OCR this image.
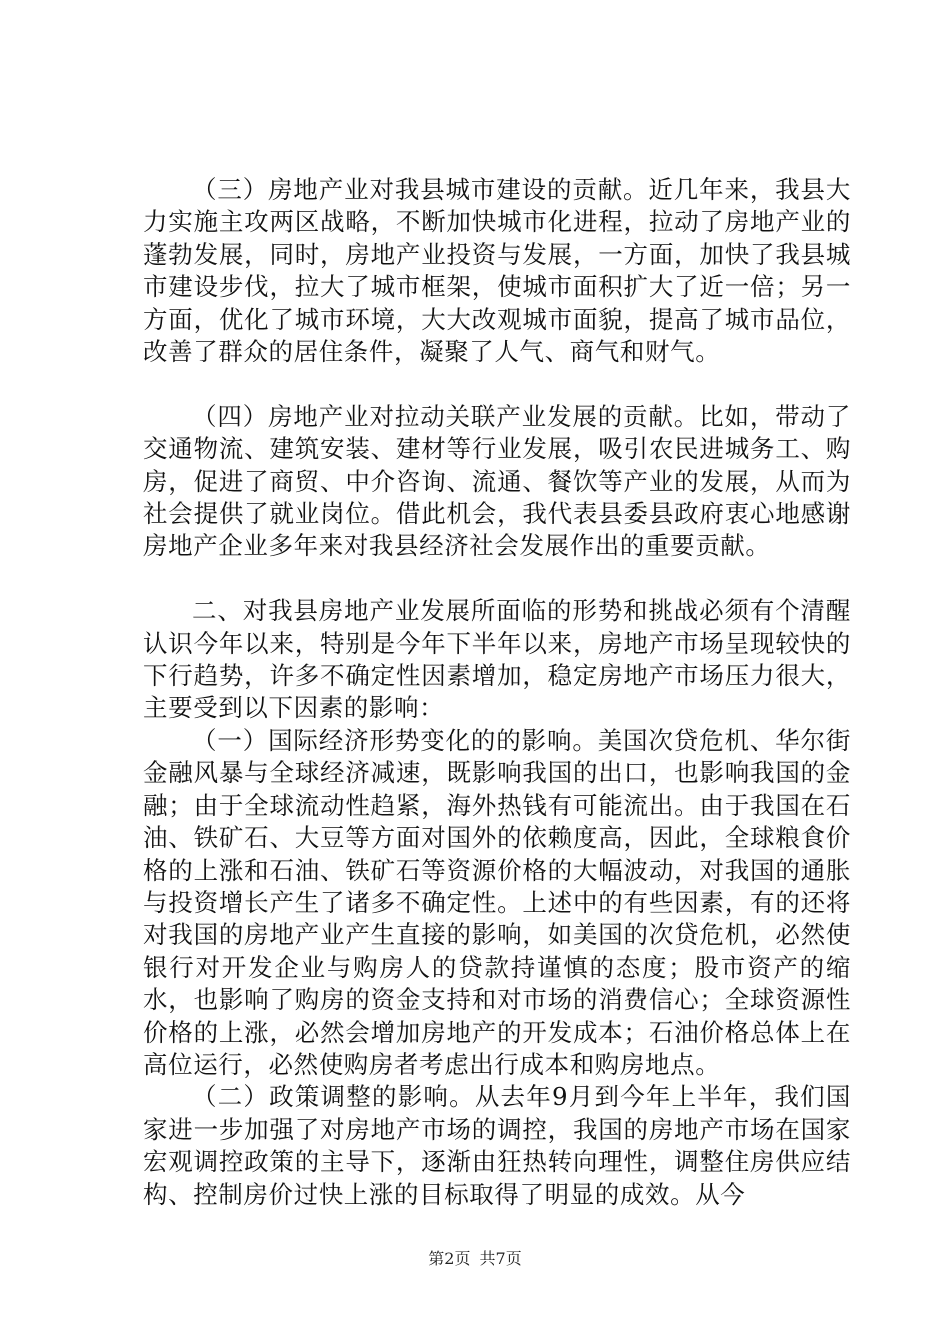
（三）房地产业对我县城市建设的贡献。近几年来，我县大力实施主攻两区战略，不断加快城市化进程，拉动了房地产业的蓬勃发展，同时，房地产业投资与发展，一方面，加快了我县城市建设步伐，拉大了城市框架，使城市面积扩大了近一倍；另一方面，优化了城市环境，大大改观城市面貌，提高了城市品位，改善了群众的居住条件，凝聚了人气、商气和财气。

（四）房地产业对拉动关联产业发展的贡献。比如，带动了交通物流、建筑安装、建材等行业发展，吸引农民进城务工、购房，促进了商贸、中介咨询、流通、餐饮等产业的发展，从而为社会提供了就业岗位。借此机会，我代表县委县政府衷心地感谢房地产企业多年来对我县经济社会发展作出的重要贡献。

二、对我县房地产业发展所面临的形势和挑战必须有个清醒认识今年以来，特别是今年下半年以来，房地产市场呈现较快的下行趋势，许多不确定性因素增加，稳定房地产市场压力很大，主要受到以下因素的影响：

（一）国际经济形势变化的的影响。美国次贷危机、华尔街金融风暴与全球经济减速，既影响我国的出口，也影响我国的金融；由于全球流动性趋紧，海外热钱有可能流出。由于我国在石油、铁矿石、大豆等方面对国外的依赖度高，因此，全球粮食价格的上涨和石油、铁矿石等资源价格的大幅波动，对我国的通胀与投资增长产生了诸多不确定性。上述中的有些因素，有的还将对我国的房地产业产生直接的影响，如美国的次贷危机，必然使银行对开发企业与购房人的贷款持谨慎的态度；股市资产的缩水，也影响了购房的资金支持和对市场的消费信心；全球资源性价格的上涨，必然会增加房地产的开发成本；石油价格总体上在高位运行，必然使购房者考虑出行成本和购房地点。

（二）政策调整的影响。从去年9月到今年上半年，我们国家进一步加强了对房地产市场的调控，我国的房地产市场在国家宏观调控政策的主导下，逐渐由狂热转向理性，调整住房供应结构、控制房价过快上涨的目标取得了明显的成效。从今

第2页 共7页
